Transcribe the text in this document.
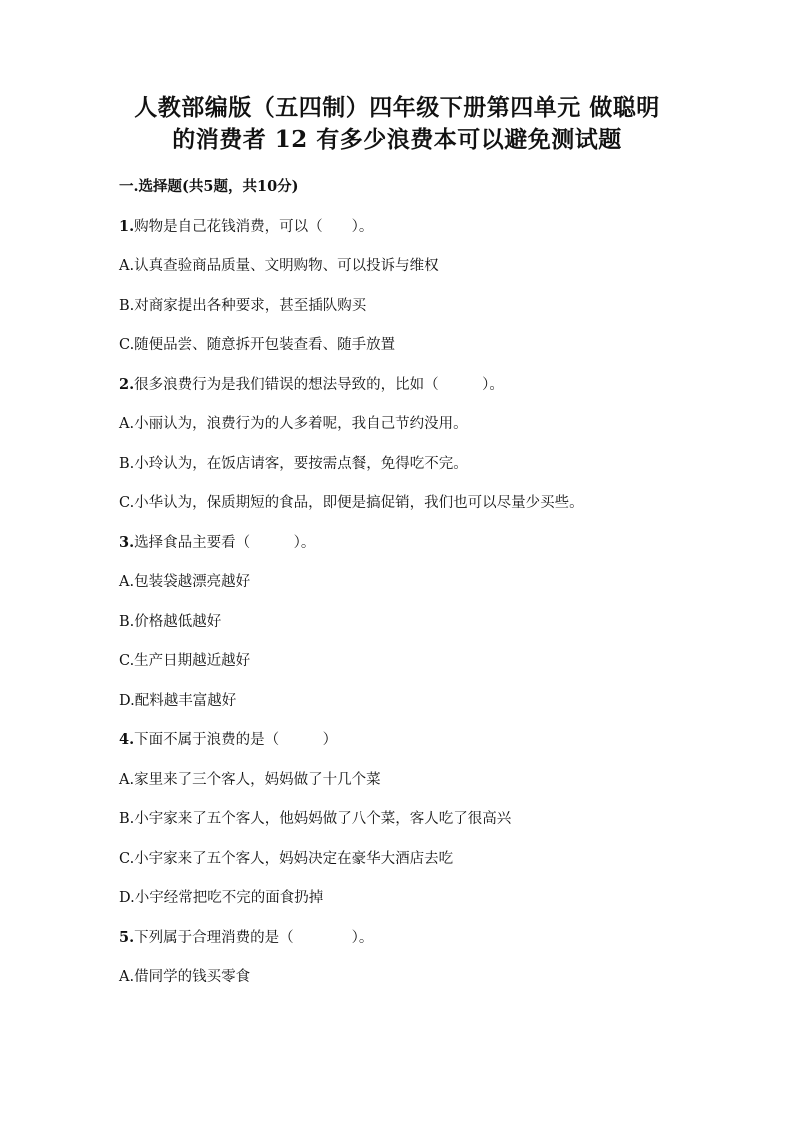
人教部编版（五四制）四年级下册第四单元 做聪明
的消费者 12 有多少浪费本可以避免测试题
一.选择题(共5题，共10分)
1.购物是自己花钱消费，可以（　　）。
A.认真查验商品质量、文明购物、可以投诉与维权
B.对商家提出各种要求，甚至插队购买
C.随便品尝、随意拆开包装查看、随手放置
2.很多浪费行为是我们错误的想法导致的，比如（　　　）。
A.小丽认为，浪费行为的人多着呢，我自己节约没用。
B.小玲认为，在饭店请客，要按需点餐，免得吃不完。
C.小华认为，保质期短的食品，即便是搞促销，我们也可以尽量少买些。
3.选择食品主要看（　　　）。
A.包装袋越漂亮越好
B.价格越低越好
C.生产日期越近越好
D.配料越丰富越好
4.下面不属于浪费的是（　　　）
A.家里来了三个客人，妈妈做了十几个菜
B.小宇家来了五个客人，他妈妈做了八个菜，客人吃了很高兴
C.小宇家来了五个客人，妈妈决定在豪华大酒店去吃
D.小宇经常把吃不完的面食扔掉
5.下列属于合理消费的是（　　　　）。
A.借同学的钱买零食
